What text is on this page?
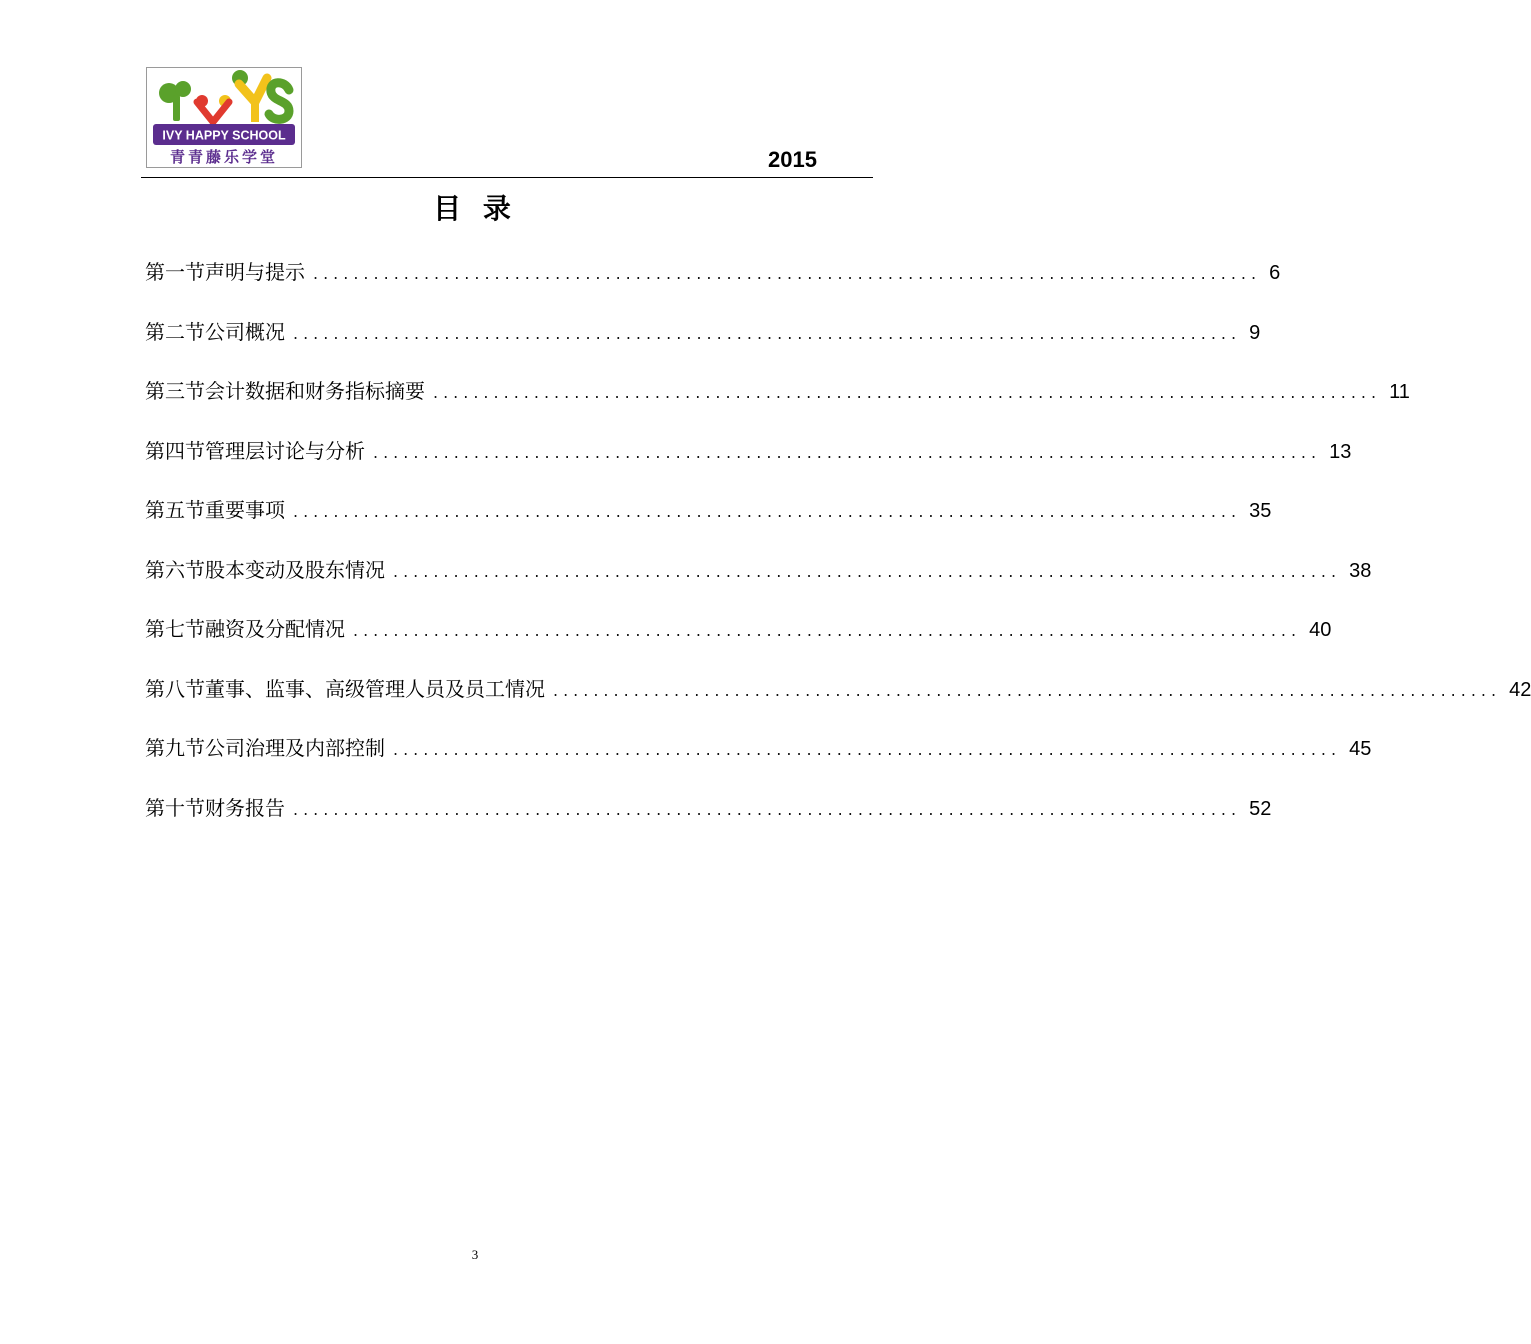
IVY HAPPY SCHOOL
青青藤乐学堂	2015
目 录
第一节 声明与提示 .............................................................................................. 6
第二节 公司概况 .............................................................................................. 9
第三节 会计数据和财务指标摘要 .............................................................................................. 11
第四节 管理层讨论与分析 .............................................................................................. 13
第五节 重要事项 .............................................................................................. 35
第六节 股本变动及股东情况 .............................................................................................. 38
第七节 融资及分配情况 .............................................................................................. 40
第八节 董事、监事、高级管理人员及员工情况 .............................................................................................. 42
第九节 公司治理及内部控制 .............................................................................................. 45
第十节 财务报告 .............................................................................................. 52
3
